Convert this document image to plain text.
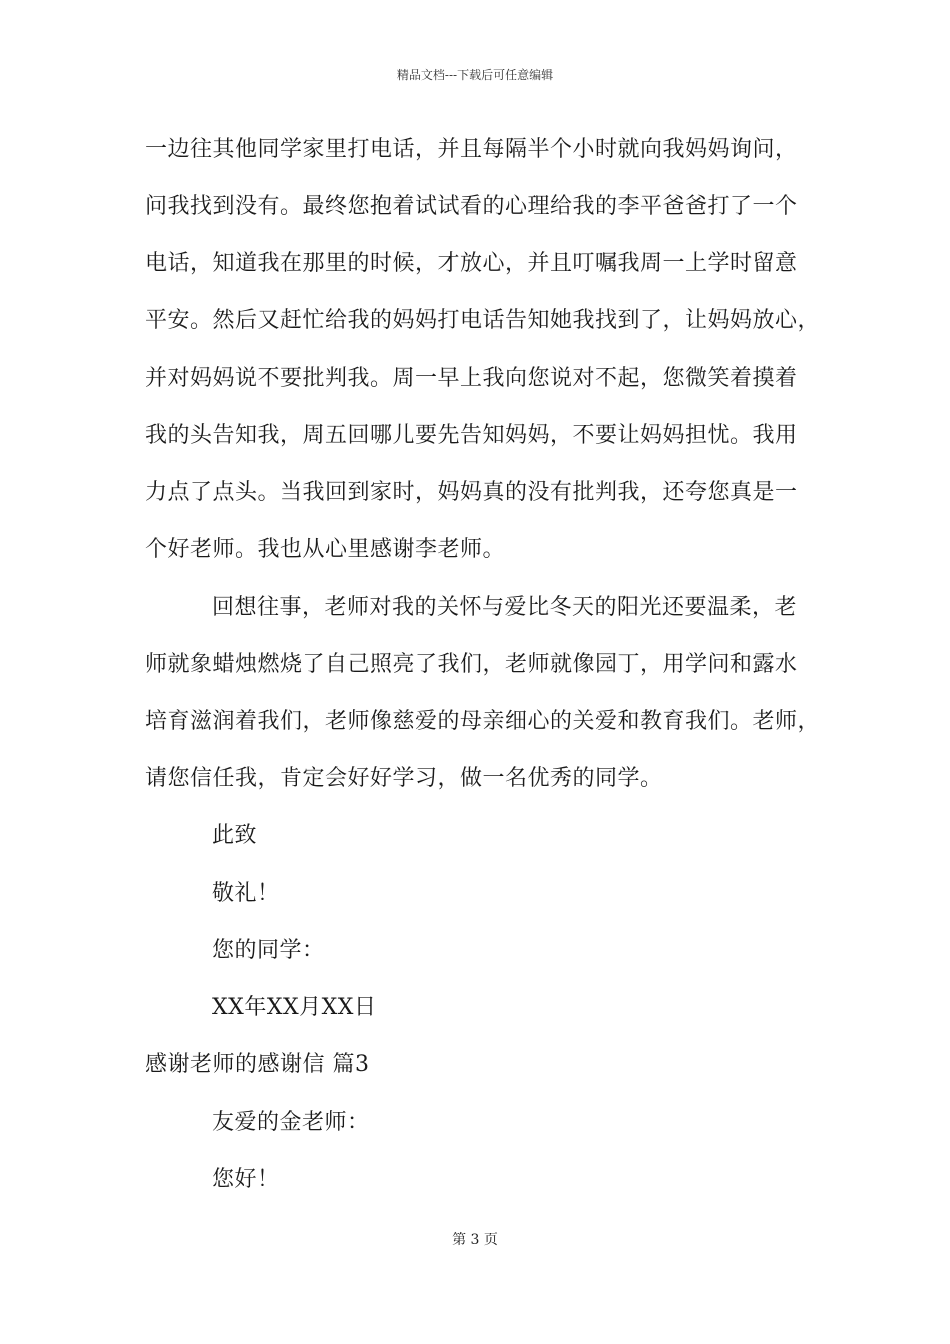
精品文档---下载后可任意编辑
一边往其他同学家里打电话，并且每隔半个小时就向我妈妈询问，
问我找到没有。最终您抱着试试看的心理给我的李平爸爸打了一个
电话，知道我在那里的时候，才放心，并且叮嘱我周一上学时留意
平安。然后又赶忙给我的妈妈打电话告知她我找到了，让妈妈放心，
并对妈妈说不要批判我。周一早上我向您说对不起，您微笑着摸着
我的头告知我，周五回哪儿要先告知妈妈，不要让妈妈担忧。我用
力点了点头。当我回到家时，妈妈真的没有批判我，还夸您真是一
个好老师。我也从心里感谢李老师。
回想往事，老师对我的关怀与爱比冬天的阳光还要温柔，老
师就象蜡烛燃烧了自己照亮了我们，老师就像园丁，用学问和露水
培育滋润着我们，老师像慈爱的母亲细心的关爱和教育我们。老师，
请您信任我，肯定会好好学习，做一名优秀的同学。
此致
敬礼！
您的同学：
XX年XX月XX日
感谢老师的感谢信 篇3
友爱的金老师：
您好！
第 3 页
